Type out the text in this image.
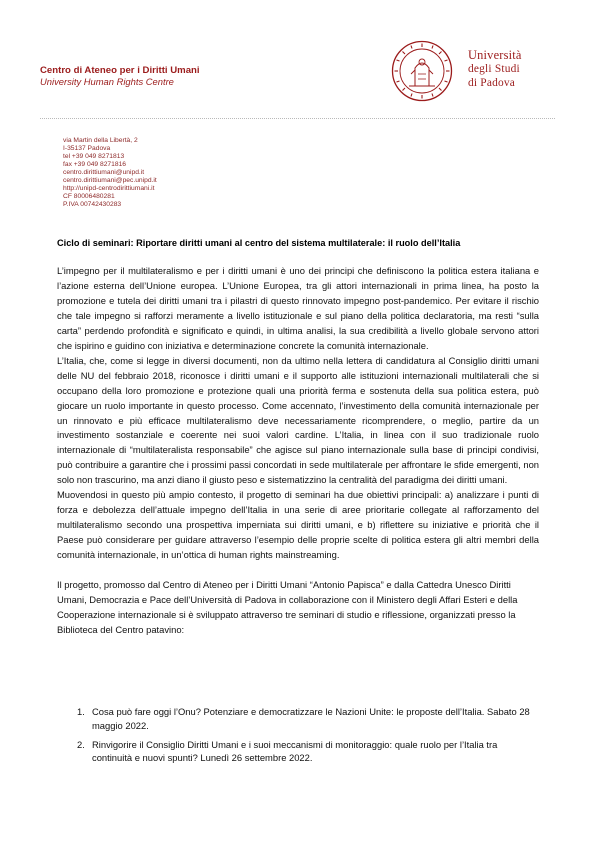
Centro di Ateneo per i Diritti Umani
University Human Rights Centre
Università
degli Studi
di Padova
via Martin della Libertà, 2
I-35137 Padova
tel +39 049 8271813
fax +39 049 8271816
centro.dirittiumani@unipd.it
centro.dirittiumani@pec.unipd.it
http://unipd-centrodirittiumani.it
CF 80006480281
P.IVA 00742430283
Ciclo di seminari: Riportare diritti umani al centro del sistema multilaterale: il ruolo dell’Italia

L’impegno per il multilateralismo e per i diritti umani è uno dei principi che definiscono la politica estera italiana e l’azione esterna dell’Unione europea. L’Unione Europea, tra gli attori internazionali in prima linea, ha posto la promozione e tutela dei diritti umani tra i pilastri di questo rinnovato impegno post-pandemico. Per evitare il rischio che tale impegno si rafforzi meramente a livello istituzionale e sul piano della politica declaratoria, ma resti “sulla carta” perdendo profondità e significato e quindi, in ultima analisi, la sua credibilità a livello globale servono attori che ispirino e guidino con iniziativa e determinazione concrete la comunità internazionale.

L’Italia, che, come si legge in diversi documenti, non da ultimo nella lettera di candidatura al Consiglio diritti umani delle NU del febbraio 2018, riconosce i diritti umani e il supporto alle istituzioni internazionali multilaterali che si occupano della loro promozione e protezione quali una priorità ferma e sostenuta della sua politica estera, può giocare un ruolo importante in questo processo. Come accennato, l’investimento della comunità internazionale per un rinnovato e più efficace multilateralismo deve necessariamente ricomprendere, o meglio, partire da un investimento sostanziale e coerente nei suoi valori cardine. L’Italia, in linea con il suo tradizionale ruolo internazionale di “multilateralista responsabile” che agisce sul piano internazionale sulla base di principi condivisi, può contribuire a garantire che i prossimi passi concordati in sede multilaterale per affrontare le sfide emergenti, non solo non trascurino, ma anzi diano il giusto peso e sistematizzino la centralità del paradigma dei diritti umani.

Muovendosi in questo più ampio contesto, il progetto di seminari ha due obiettivi principali: a) analizzare i punti di forza e debolezza dell’attuale impegno dell’Italia in una serie di aree prioritarie collegate al rafforzamento del multilateralismo secondo una prospettiva imperniata sui diritti umani, e b) riflettere su iniziative e priorità che il Paese può considerare per guidare attraverso l’esempio delle proprie scelte di politica estera gli altri membri della comunità internazionale, in un’ottica di human rights mainstreaming.

Il progetto, promosso dal Centro di Ateneo per i Diritti Umani “Antonio Papisca” e dalla Cattedra Unesco Diritti Umani, Democrazia e Pace dell’Università di Padova in collaborazione con il Ministero degli Affari Esteri e della Cooperazione internazionale si è sviluppato attraverso tre seminari di studio e riflessione, organizzati presso la Biblioteca del Centro patavino:

1. Cosa può fare oggi l’Onu? Potenziare e democratizzare le Nazioni Unite: le proposte dell’Italia. Sabato 28 maggio 2022.
2. Rinvigorire il Consiglio Diritti Umani e i suoi meccanismi di monitoraggio: quale ruolo per l’Italia tra continuità e nuovi spunti? Lunedì 26 settembre 2022.
